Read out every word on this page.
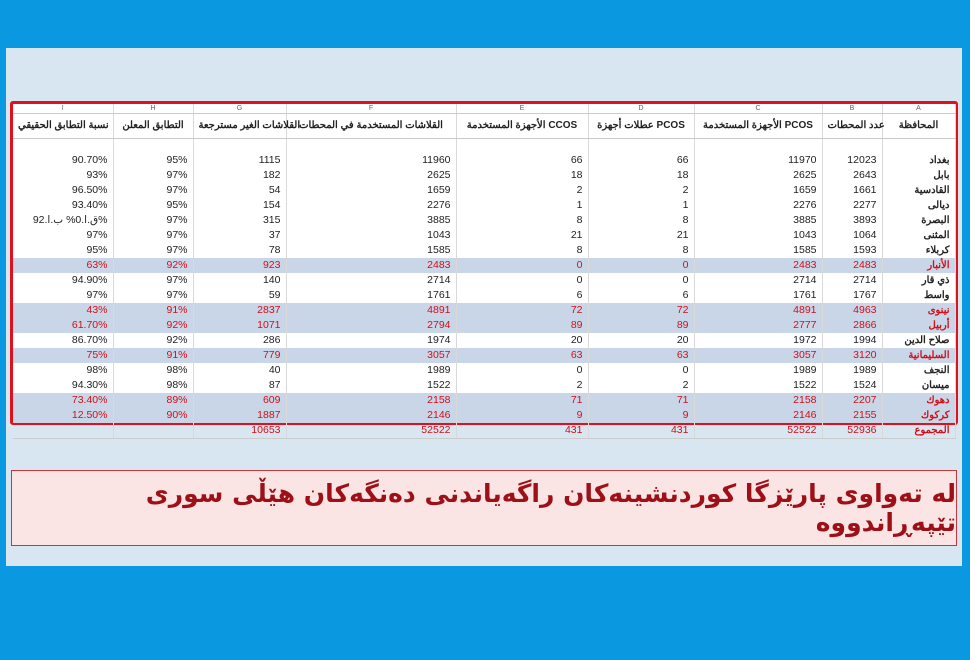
I	H	G	F	E	D	C	B	A
نسبة التطابق الحقيقي	التطابق المعلن	القلاشات الغير مسترجعة	القلاشات المستخدمة في المحطات	الأجهزة المستخدمة CCOS	عطلات أجهزة PCOS	الأجهزة المستخدمة PCOS	عدد المحطات	المحافظة

90.70%	95%	1115	11960	66	66	11970	12023	بغداد
93%	97%	182	2625	18	18	2625	2643	بابل
96.50%	97%	54	1659	2	2	1659	1661	القادسية
93.40%	95%	154	2276	1	1	2276	2277	ديالى
ق.ا.0% ب.ا.92%	97%	315	3885	8	8	3885	3893	البصرة
97%	97%	37	1043	21	21	1043	1064	المثنى
95%	97%	78	1585	8	8	1585	1593	كربلاء
63%	92%	923	2483	0	0	2483	2483	الأنبار
94.90%	97%	140	2714	0	0	2714	2714	ذي قار
97%	97%	59	1761	6	6	1761	1767	واسط
43%	91%	2837	4891	72	72	4891	4963	نينوى
61.70%	92%	1071	2794	89	89	2777	2866	أربيل
86.70%	92%	286	1974	20	20	1972	1994	صلاح الدين
75%	91%	779	3057	63	63	3057	3120	السليمانية
98%	98%	40	1989	0	0	1989	1989	النجف
94.30%	98%	87	1522	2	2	1522	1524	ميسان
73.40%	89%	609	2158	71	71	2158	2207	دهوك
12.50%	90%	1887	2146	9	9	2146	2155	كركوك
		10653	52522	431	431	52522	52936	المجموع
لە تەواوی پارێزگا کوردنشینەکان راگەیاندنی دەنگەکان هێڵی سوری تێپەڕاندووە
